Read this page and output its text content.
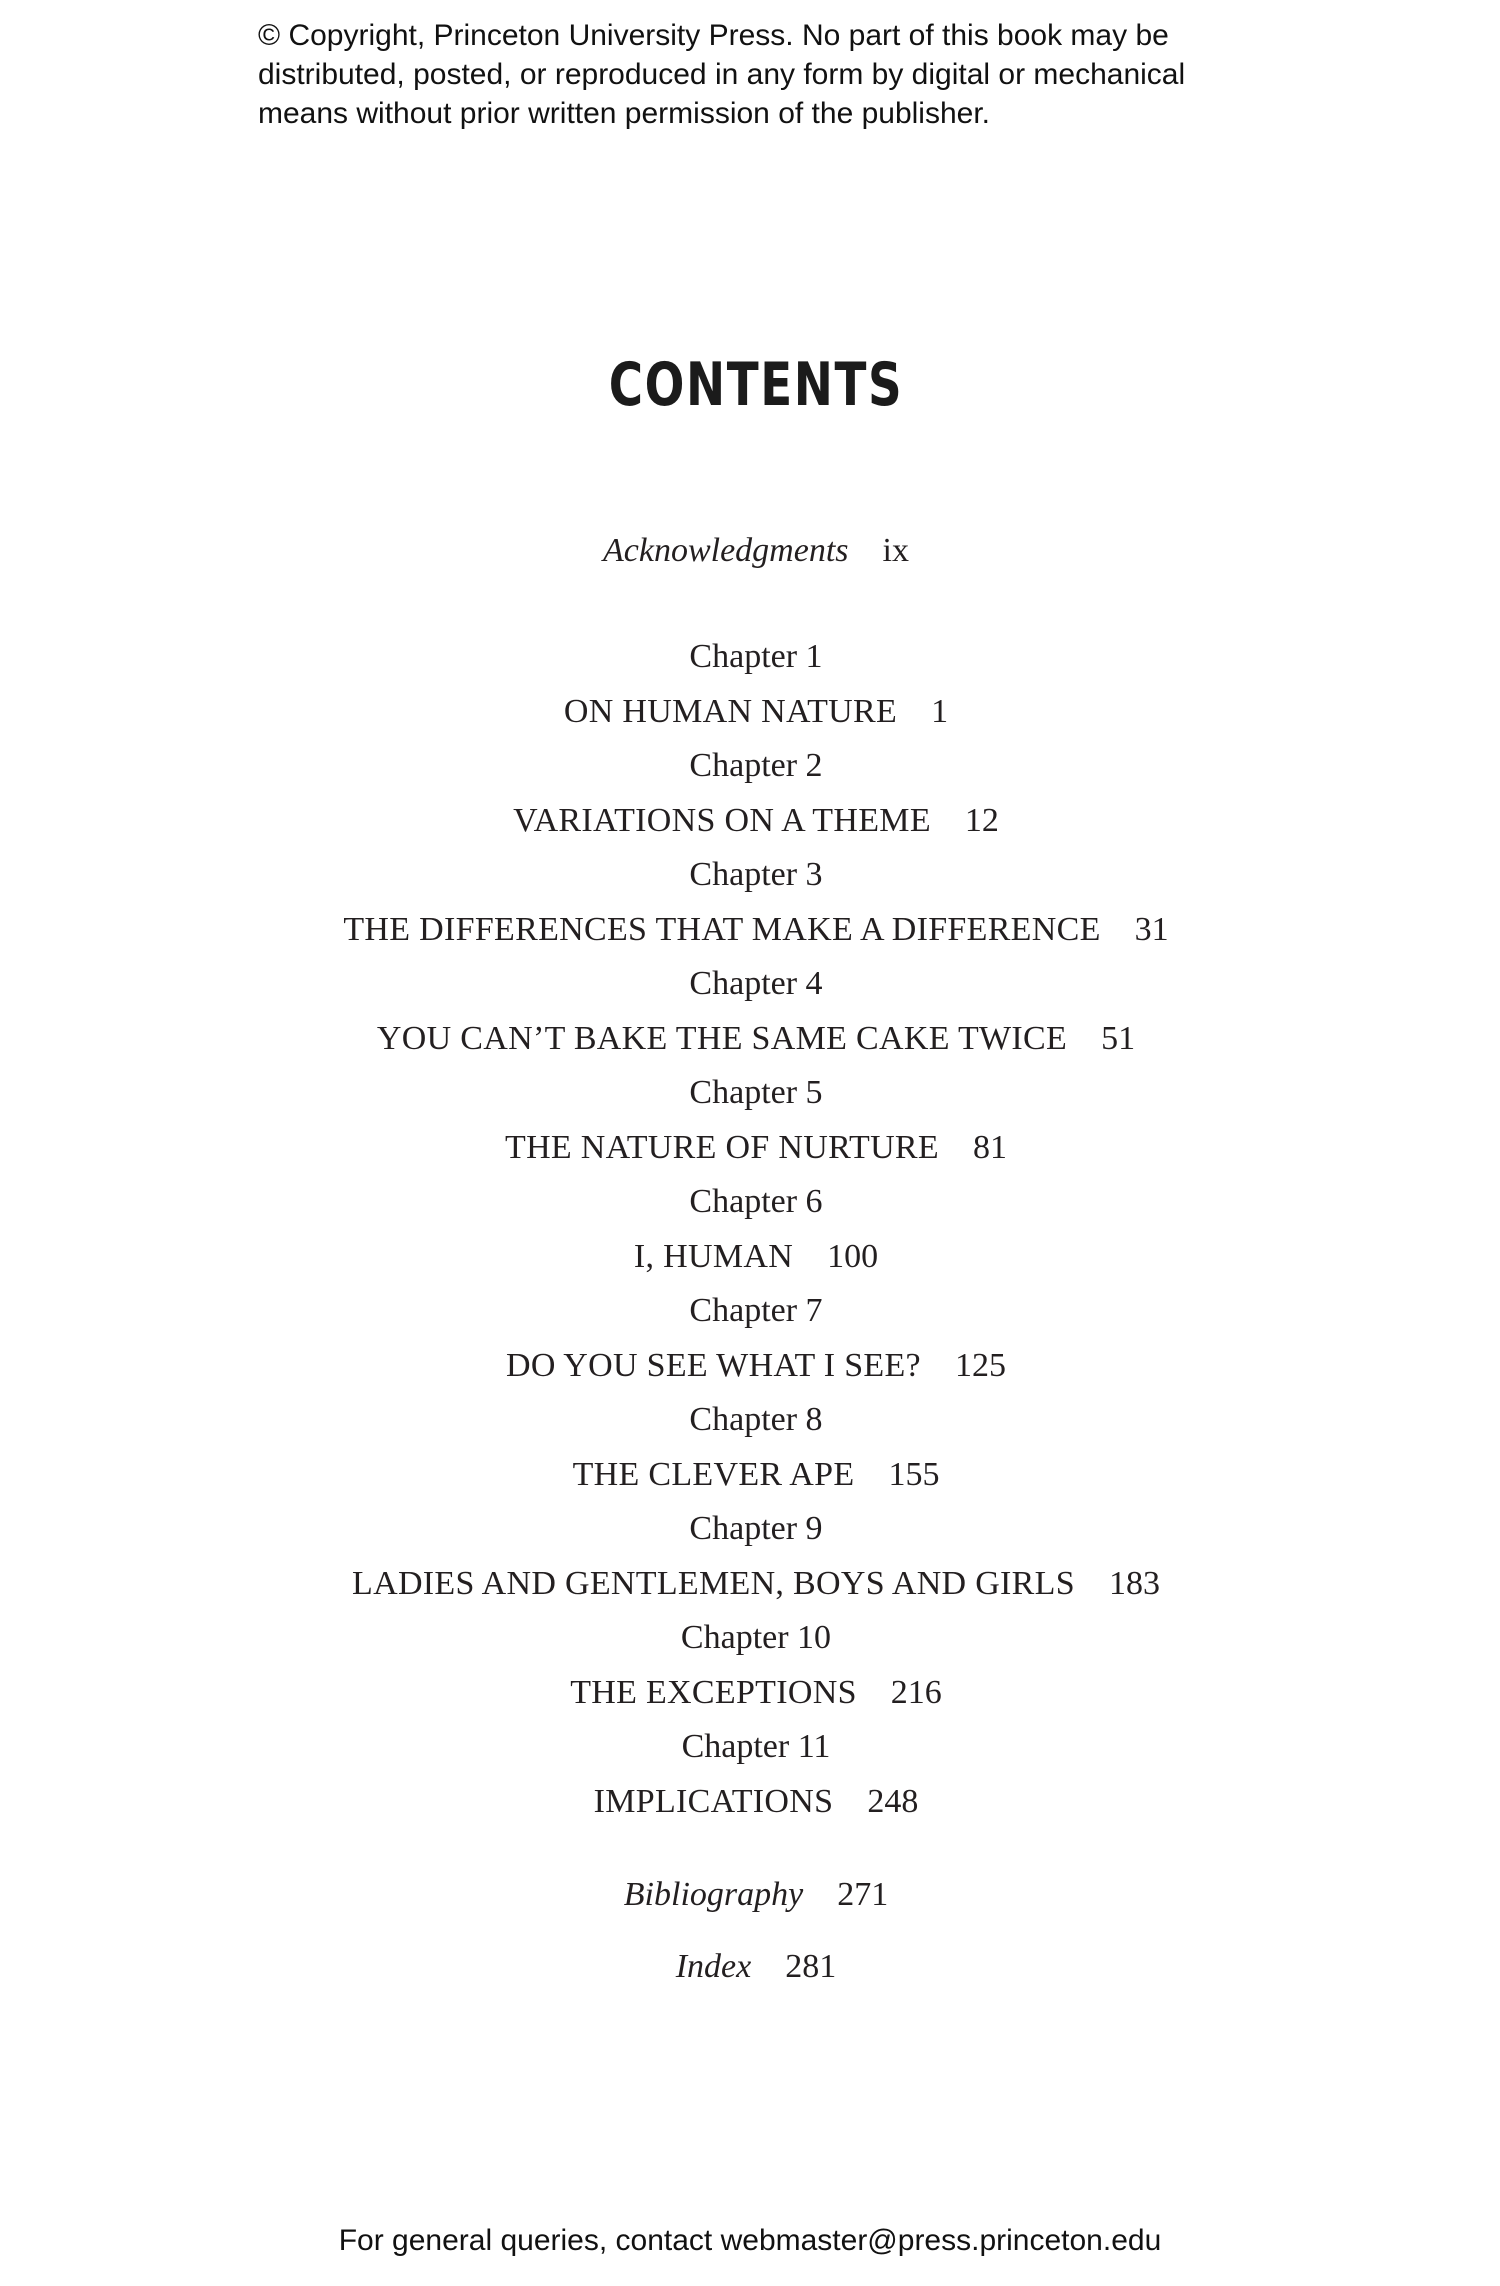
© Copyright, Princeton University Press. No part of this book may be
distributed, posted, or reproduced in any form by digital or mechanical
means without prior written permission of the publisher.
CONTENTS
Acknowledgments ix
Chapter 1
ON HUMAN NATURE 1
Chapter 2
VARIATIONS ON A THEME 12
Chapter 3
THE DIFFERENCES THAT MAKE A DIFFERENCE 31
Chapter 4
YOU CAN’T BAKE THE SAME CAKE TWICE 51
Chapter 5
THE NATURE OF NURTURE 81
Chapter 6
I, HUMAN 100
Chapter 7
DO YOU SEE WHAT I SEE? 125
Chapter 8
THE CLEVER APE 155
Chapter 9
LADIES AND GENTLEMEN, BOYS AND GIRLS 183
Chapter 10
THE EXCEPTIONS 216
Chapter 11
IMPLICATIONS 248
Bibliography 271
Index 281

For general queries, contact webmaster@press.princeton.edu
